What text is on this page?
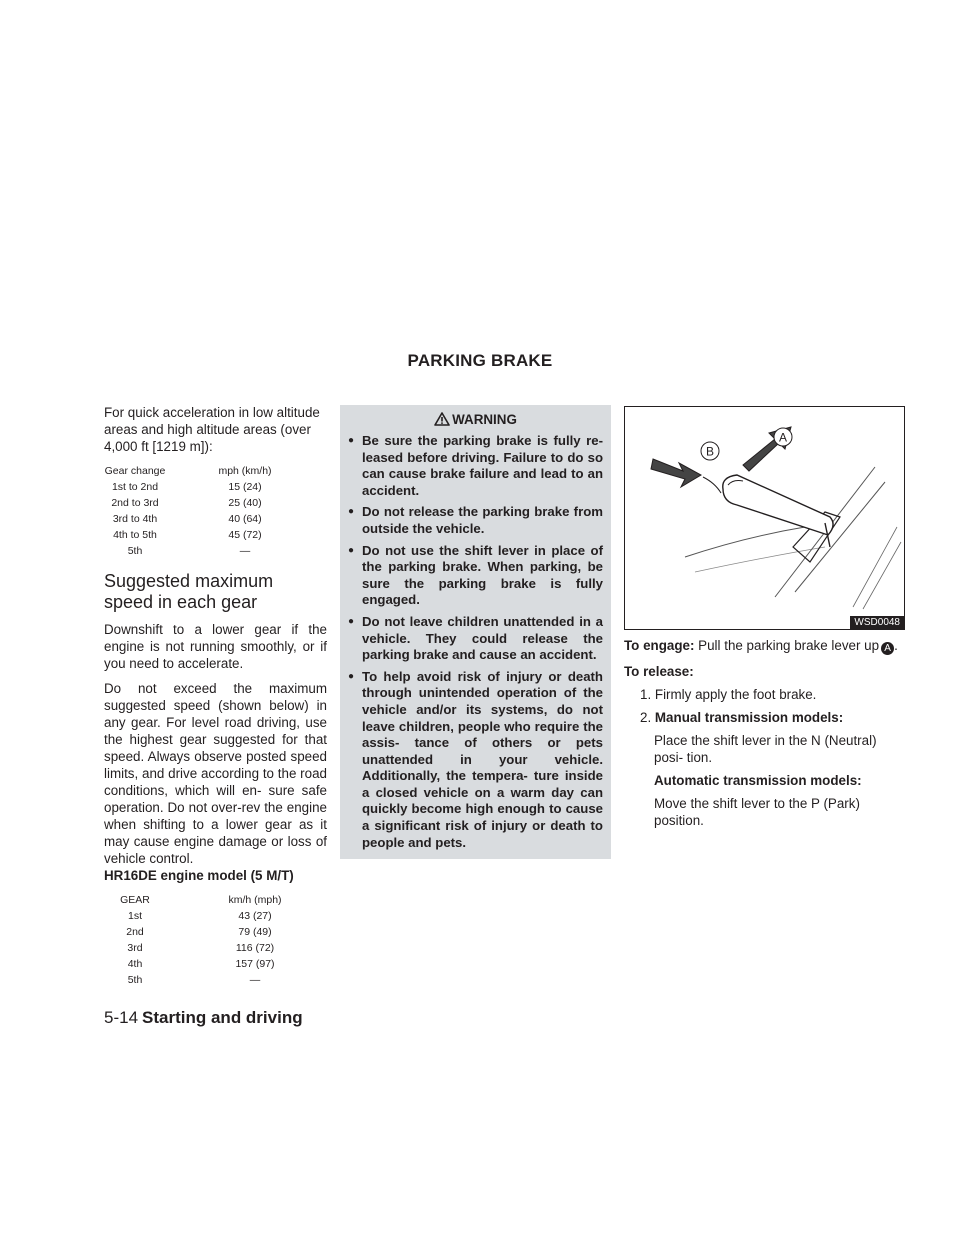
PARKING BRAKE

For quick acceleration in low altitude areas and high altitude areas (over 4,000 ft [1219 m]):

Gear change	mph (km/h)
1st to 2nd	15 (24)
2nd to 3rd	25 (40)
3rd to 4th	40 (64)
4th to 5th	45 (72)
5th	—
Suggested maximum speed in each gear

Downshift to a lower gear if the engine is not running smoothly, or if you need to accelerate.

Do not exceed the maximum suggested speed (shown below) in any gear. For level road driving, use the highest gear suggested for that speed. Always observe posted speed limits, and drive according to the road conditions, which will en- sure safe operation. Do not over-rev the engine when shifting to a lower gear as it may cause engine damage or loss of vehicle control.

HR16DE engine model (5 M/T)

GEAR	km/h (mph)
1st	43 (27)
2nd	79 (49)
3rd	116 (72)
4th	157 (97)
5th	—
WARNING
● Be sure the parking brake is fully re- leased before driving. Failure to do so can cause brake failure and lead to an accident.
● Do not release the parking brake from outside the vehicle.
● Do not use the shift lever in place of the parking brake. When parking, be sure the parking brake is fully engaged.
● Do not leave children unattended in a vehicle. They could release the parking brake and cause an accident.
● To help avoid risk of injury or death through unintended operation of the vehicle and/or its systems, do not leave children, people who require the assis- tance of others or pets unattended in your vehicle. Additionally, the tempera- ture inside a closed vehicle on a warm day can quickly become high enough to cause a significant risk of injury or death to people and pets.
A
B
WSD0048

To engage: Pull the parking brake lever up A .

To release:

1. Firmly apply the foot brake.
2. Manual transmission models:

Place the shift lever in the N (Neutral) posi- tion.

Automatic transmission models:

Move the shift lever to the P (Park) position.

5-14 Starting and driving
